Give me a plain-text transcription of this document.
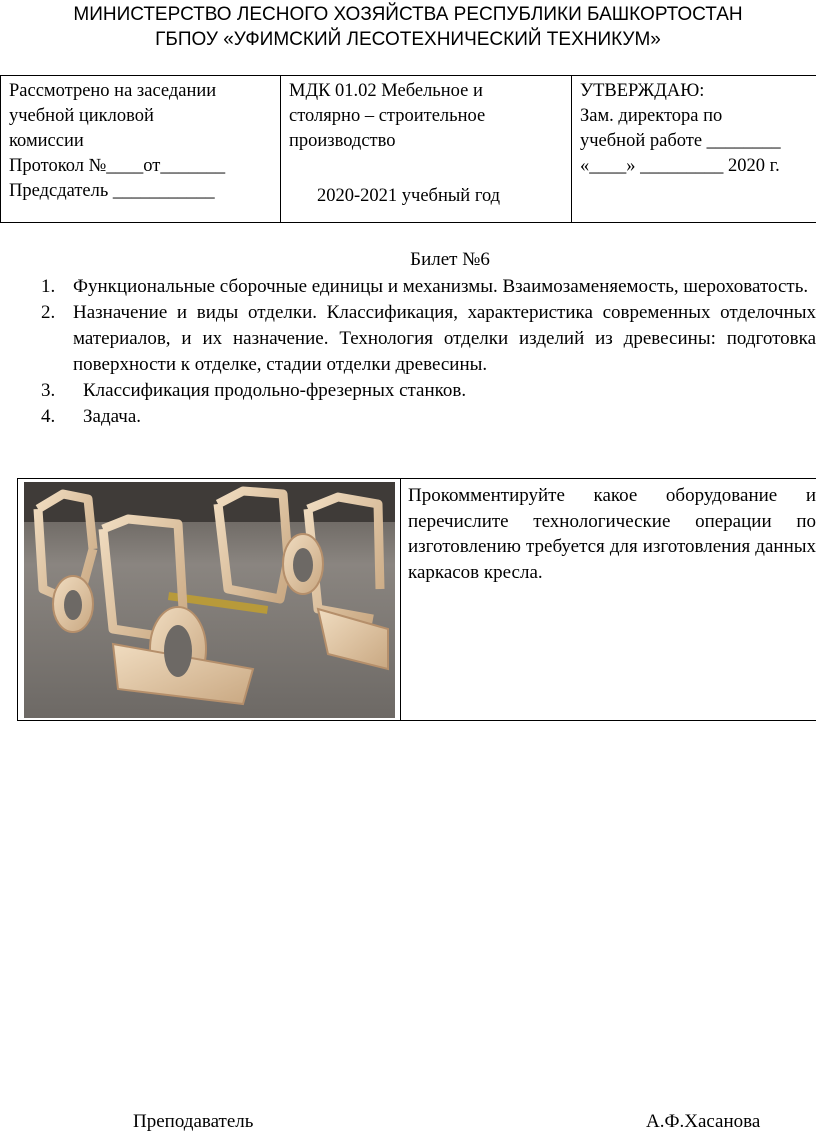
МИНИСТЕРСТВО ЛЕСНОГО ХОЗЯЙСТВА РЕСПУБЛИКИ БАШКОРТОСТАН
ГБПОУ «УФИМСКИЙ ЛЕСОТЕХНИЧЕСКИЙ ТЕХНИКУМ»
Рассмотрено на заседании
учебной цикловой
комиссии
Протокол №____от_______
Предсдатель ___________
МДК 01.02 Мебельное и
столярно – строительное
производство
2020-2021 учебный год
УТВЕРЖДАЮ:
Зам. директора по
учебной работе ________
«____» _________ 2020 г.
Билет №6
1. Функциональные сборочные единицы и механизмы. Взаимозаменяемость, шероховатость.
2. Назначение и виды отделки. Классификация, характеристика современных отделочных материалов, и их назначение. Технология отделки изделий из древесины: подготовка поверхности к отделке, стадии отделки древесины.
3. Классификация продольно-фрезерных станков.
4. Задача.
Прокомментируйте какое оборудование и перечислите технологические операции по изготовлению требуется для изготовления данных каркасов кресла.
Преподаватель	А.Ф.Хасанова
